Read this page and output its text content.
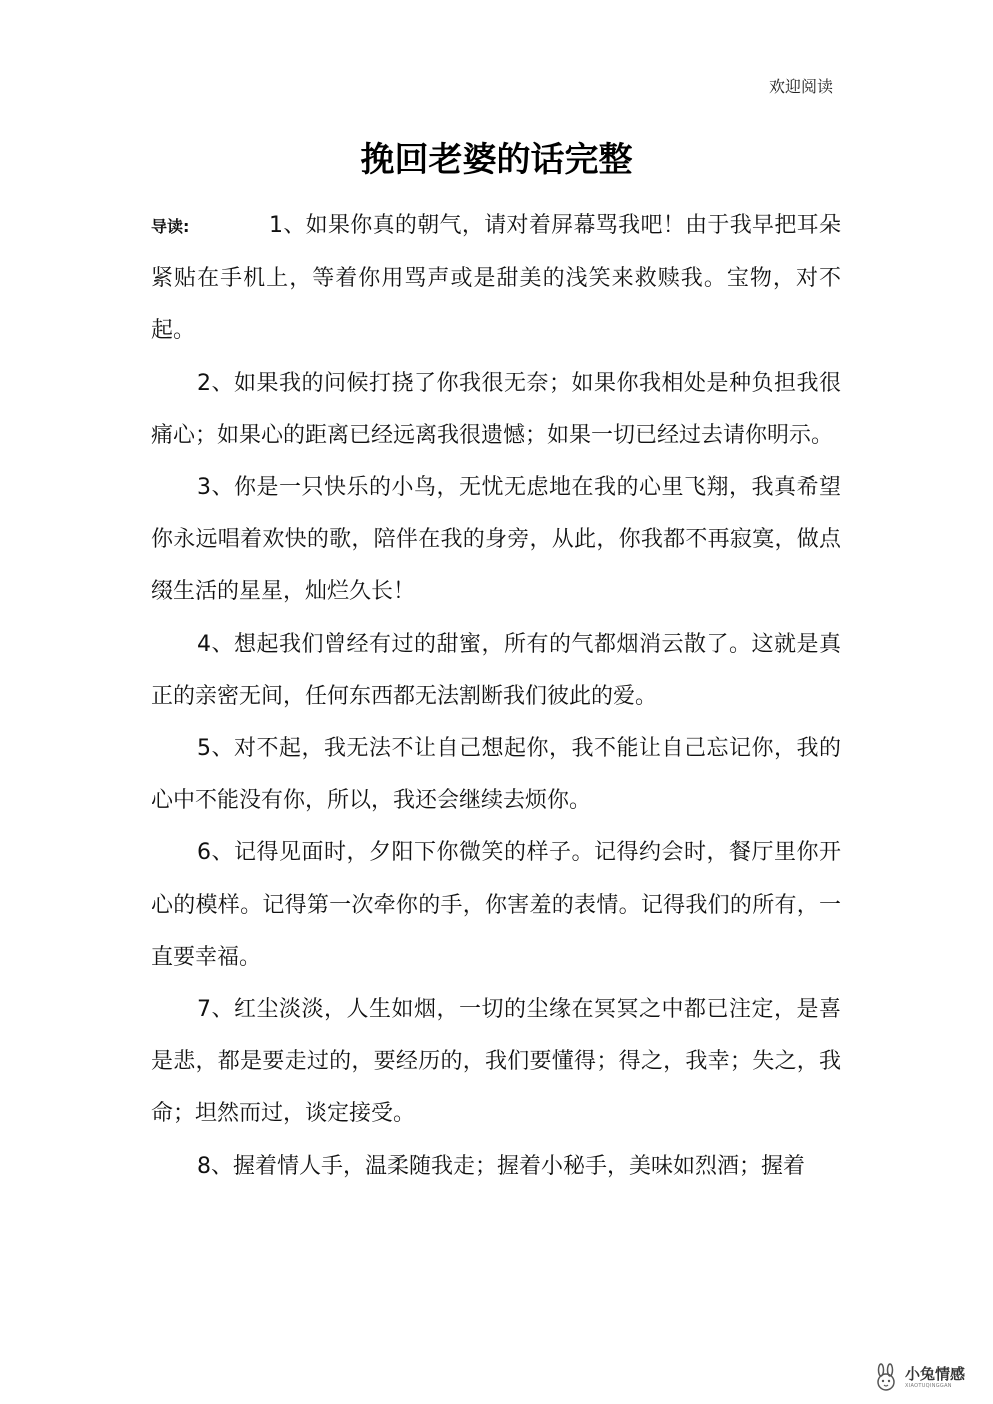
欢迎阅读
挽回老婆的话完整

导读:	1、如果你真的朝气，请对着屏幕骂我吧！由于我早把耳朵紧贴在手机上，等着你用骂声或是甜美的浅笑来救赎我。宝物，对不起。

2、如果我的问候打挠了你我很无奈；如果你我相处是种负担我很痛心；如果心的距离已经远离我很遗憾；如果一切已经过去请你明示。

3、你是一只快乐的小鸟，无忧无虑地在我的心里飞翔，我真希望你永远唱着欢快的歌，陪伴在我的身旁，从此，你我都不再寂寞，做点缀生活的星星，灿烂久长！

4、想起我们曾经有过的甜蜜，所有的气都烟消云散了。这就是真正的亲密无间，任何东西都无法割断我们彼此的爱。

5、对不起，我无法不让自己想起你，我不能让自己忘记你，我的心中不能没有你，所以，我还会继续去烦你。

6、记得见面时，夕阳下你微笑的样子。记得约会时，餐厅里你开心的模样。记得第一次牵你的手，你害羞的表情。记得我们的所有，一直要幸福。

7、红尘淡淡，人生如烟，一切的尘缘在冥冥之中都已注定，是喜是悲，都是要走过的，要经历的，我们要懂得；得之，我幸；失之，我命；坦然而过，谈定接受。

8、握着情人手，温柔随我走；握着小秘手，美味如烈酒；握着

小兔情感
XIAOTUQINGGAN
